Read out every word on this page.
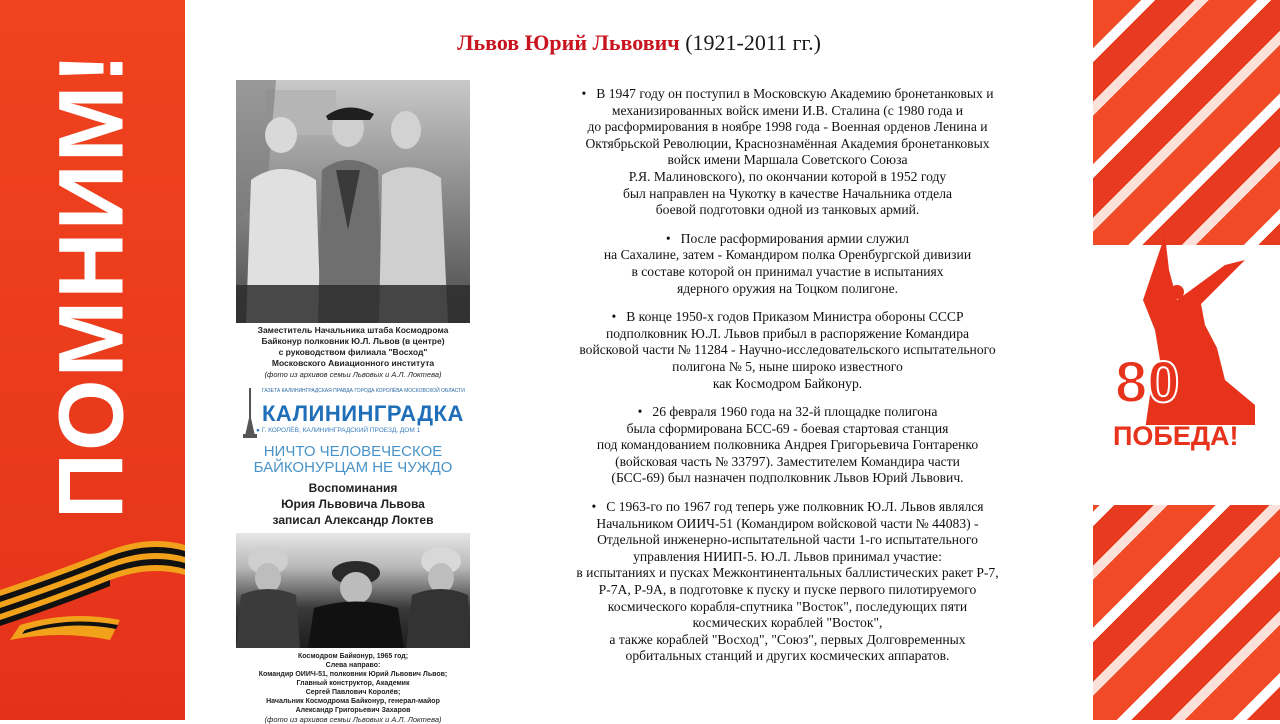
ПОМНИМ!	80
ПОБЕДА!
Львов Юрий Львович (1921-2011 гг.)
Заместитель Начальника штаба Космодрома
Байконур полковник Ю.Л. Львов (в центре)
с руководством филиала "Восход"
Московского Авиационного института
(фото из архивов семьи Львовых и А.Л. Локтева)
ГАЗЕТА КАЛИНИНГРАДСКАЯ ПРАВДА ГОРОДА КОРОЛЁВА МОСКОВСКОЙ ОБЛАСТИ
КАЛИНИНГРАДКА
● Г. КОРОЛЁВ, КАЛИНИНГРАДСКИЙ ПРОЕЗД, ДОМ 1
НИЧТО ЧЕЛОВЕЧЕСКОЕ
БАЙКОНУРЦАМ НЕ ЧУЖДО
Воспоминания
Юрия Львовича Львова
записал Александр Локтев
Космодром Байконур, 1965 год;
Слева направо:
Командир ОИИЧ-51, полковник Юрий Львович Львов;
Главный конструктор, Академик
Сергей Павлович Королёв;
Начальник Космодрома Байконур, генерал-майор
Александр Григорьевич Захаров
(фото из архивов семьи Львовых и А.Л. Локтева)

• В 1947 году он поступил в Московскую Академию бронетанковых и
механизированных войск имени И.В. Сталина (с 1980 года и
до расформирования в ноябре 1998 года - Военная орденов Ленина и
Октябрьской Революции, Краснознамённая Академия бронетанковых
войск имени Маршала Советского Союза
Р.Я. Малиновского), по окончании которой в 1952 году
был направлен на Чукотку в качестве Начальника отдела
боевой подготовки одной из танковых армий.

• После расформирования армии служил
на Сахалине, затем - Командиром полка Оренбургской дивизии
в составе которой он принимал участие в испытаниях
ядерного оружия на Тоцком полигоне.

• В конце 1950-х годов Приказом Министра обороны СССР
подполковник Ю.Л. Львов прибыл в распоряжение Командира
войсковой части № 11284 - Научно-исследовательского испытательного
полигона № 5, ныне широко известного
как Космодром Байконур.

• 26 февраля 1960 года на 32-й площадке полигона
была сформирована БСС-69 - боевая стартовая станция
под командованием полковника Андрея Григорьевича Гонтаренко
(войсковая часть № 33797). Заместителем Командира части
(БСС-69) был назначен подполковник Львов Юрий Львович.

• С 1963-го по 1967 год теперь уже полковник Ю.Л. Львов являлся
Начальником ОИИЧ-51 (Командиром войсковой части № 44083) -
Отдельной инженерно-испытательной части 1-го испытательного
управления НИИП-5. Ю.Л. Львов принимал участие:
в испытаниях и пусках Межконтинентальных баллистических ракет Р-7,
Р-7А, Р-9А, в подготовке к пуску и пуске первого пилотируемого
космического корабля-спутника "Восток", последующих пяти
космических кораблей "Восток",
а также кораблей "Восход", "Союз", первых Долговременных
орбитальных станций и других космических аппаратов.
